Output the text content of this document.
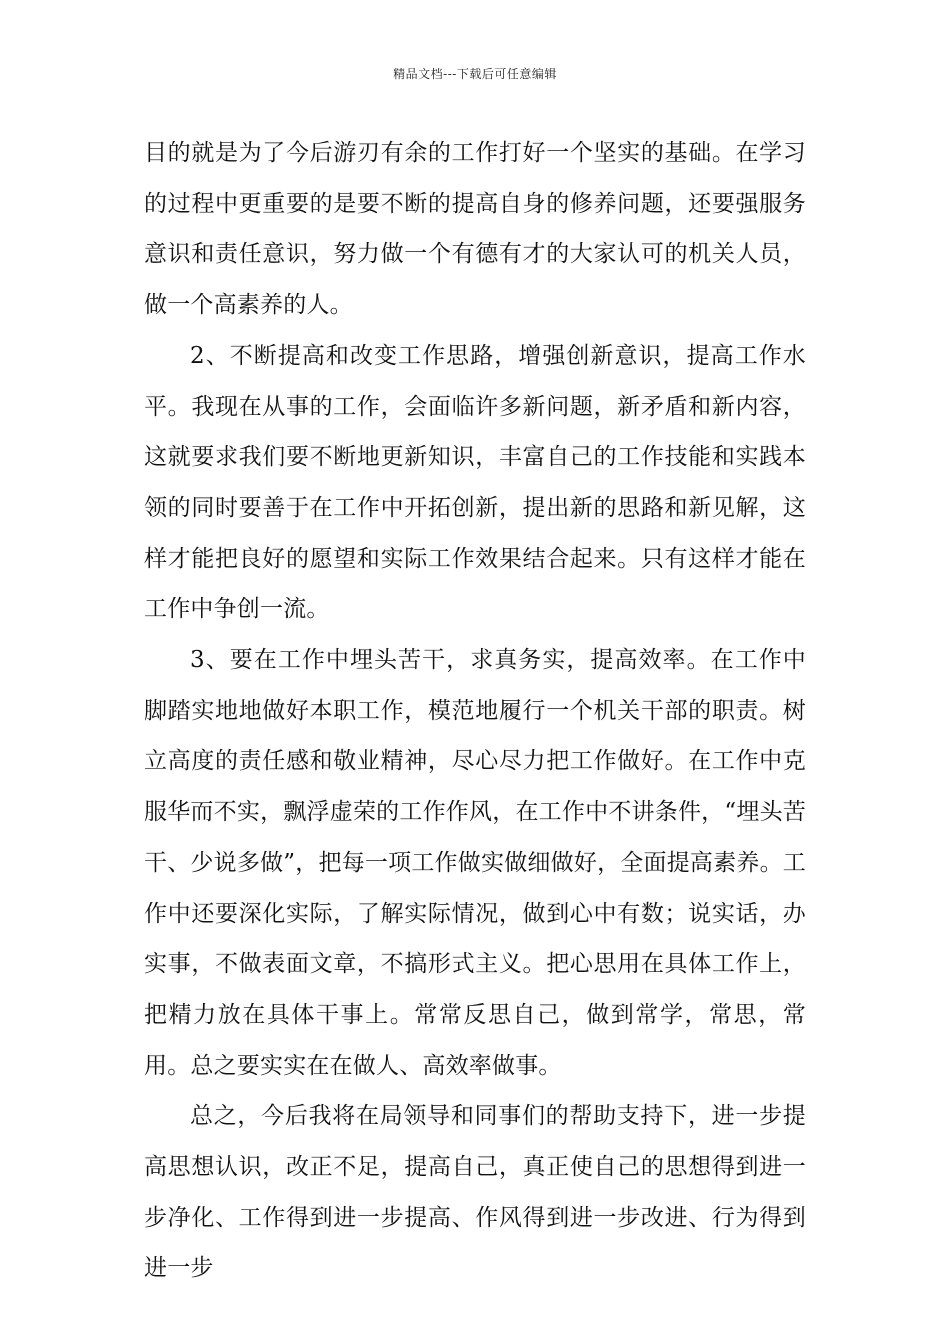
精品文档---下载后可任意编辑

目的就是为了今后游刃有余的工作打好一个坚实的基础。在学习的过程中更重要的是要不断的提高自身的修养问题，还要强服务意识和责任意识，努力做一个有德有才的大家认可的机关人员，做一个高素养的人。

2、不断提高和改变工作思路，增强创新意识，提高工作水平。我现在从事的工作，会面临许多新问题，新矛盾和新内容，这就要求我们要不断地更新知识，丰富自己的工作技能和实践本领的同时要善于在工作中开拓创新，提出新的思路和新见解，这样才能把良好的愿望和实际工作效果结合起来。只有这样才能在工作中争创一流。

3、要在工作中埋头苦干，求真务实，提高效率。在工作中脚踏实地地做好本职工作，模范地履行一个机关干部的职责。树立高度的责任感和敬业精神，尽心尽力把工作做好。在工作中克服华而不实，飘浮虚荣的工作作风，在工作中不讲条件，“埋头苦干、少说多做”，把每一项工作做实做细做好，全面提高素养。工作中还要深化实际，了解实际情况，做到心中有数；说实话，办实事，不做表面文章，不搞形式主义。把心思用在具体工作上，把精力放在具体干事上。常常反思自己，做到常学，常思，常用。总之要实实在在做人、高效率做事。

总之，今后我将在局领导和同事们的帮助支持下，进一步提高思想认识，改正不足，提高自己，真正使自己的思想得到进一步净化、工作得到进一步提高、作风得到进一步改进、行为得到进一步
